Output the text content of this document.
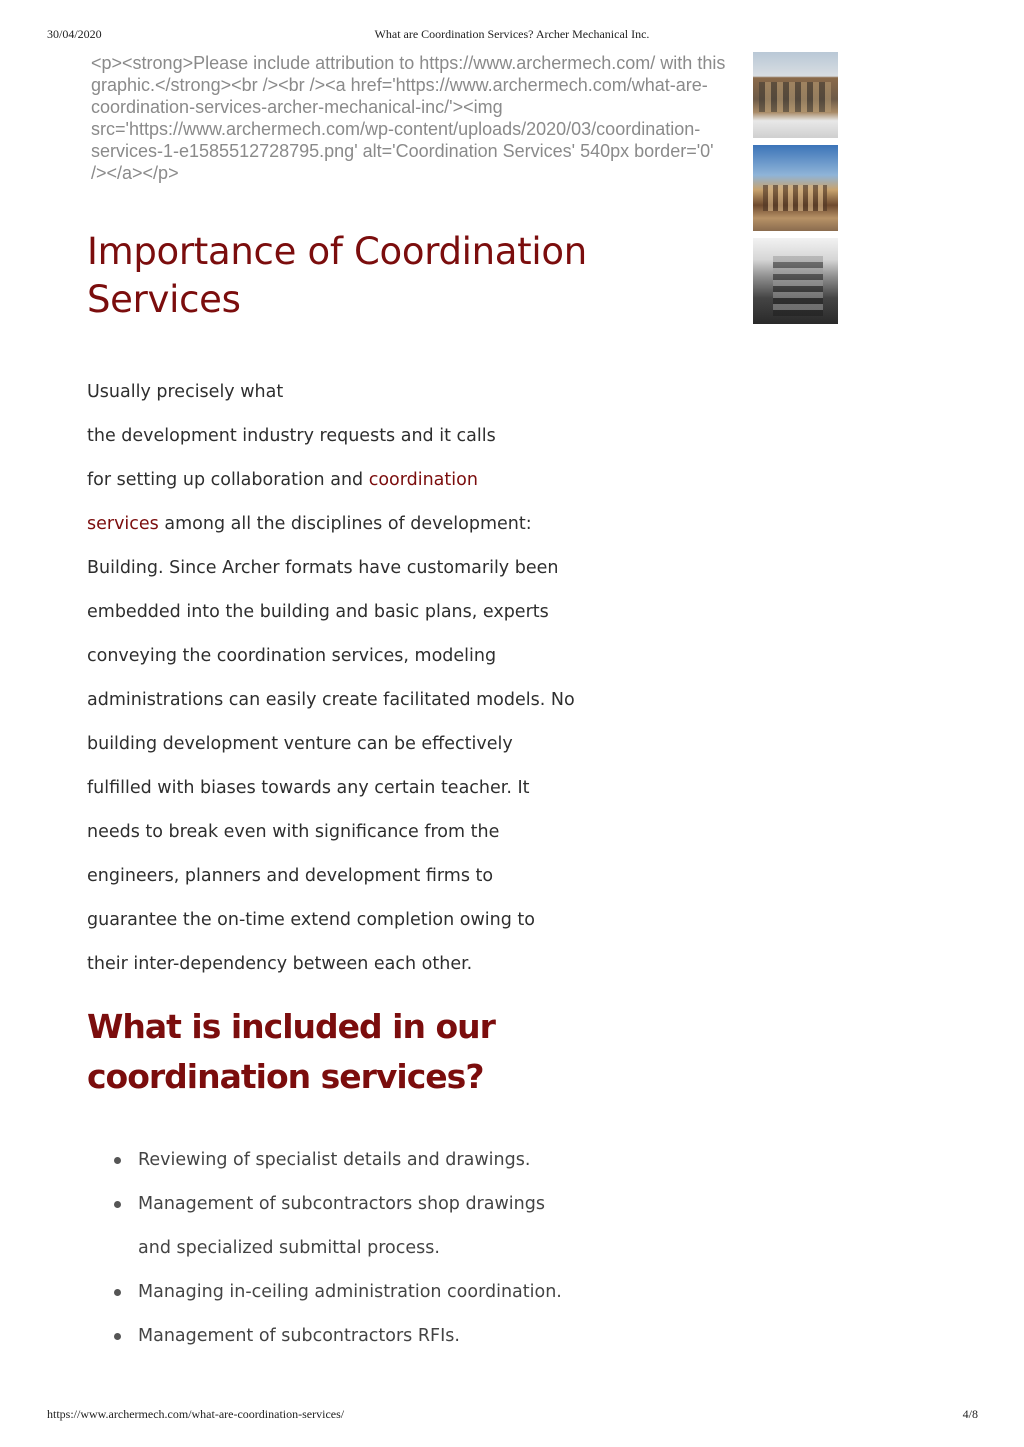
30/04/2020	What are Coordination Services? Archer Mechanical Inc.
<p><strong>Please include attribution to https://www.archermech.com/ with this
graphic.</strong><br /><br /><a href='https://www.archermech.com/what-are-
coordination-services-archer-mechanical-inc/'><img
src='https://www.archermech.com/wp-content/uploads/2020/03/coordination-
services-1-e1585512728795.png' alt='Coordination Services' 540px border='0'
/></a></p>
Importance of Coordination
Services
Usually precisely what
the development industry requests and it calls
for setting up collaboration and coordination
services among all the disciplines of development:
Building. Since Archer formats have customarily been
embedded into the building and basic plans, experts
conveying the coordination services, modeling
administrations can easily create facilitated models. No
building development venture can be effectively
fulfilled with biases towards any certain teacher. It
needs to break even with significance from the
engineers, planners and development firms to
guarantee the on-time extend completion owing to
their inter-dependency between each other.
What is included in our
coordination services?
Reviewing of specialist details and drawings.
Management of subcontractors shop drawings
and specialized submittal process.
Managing in-ceiling administration coordination.
Management of subcontractors RFIs.
https://www.archermech.com/what-are-coordination-services/	4/8
